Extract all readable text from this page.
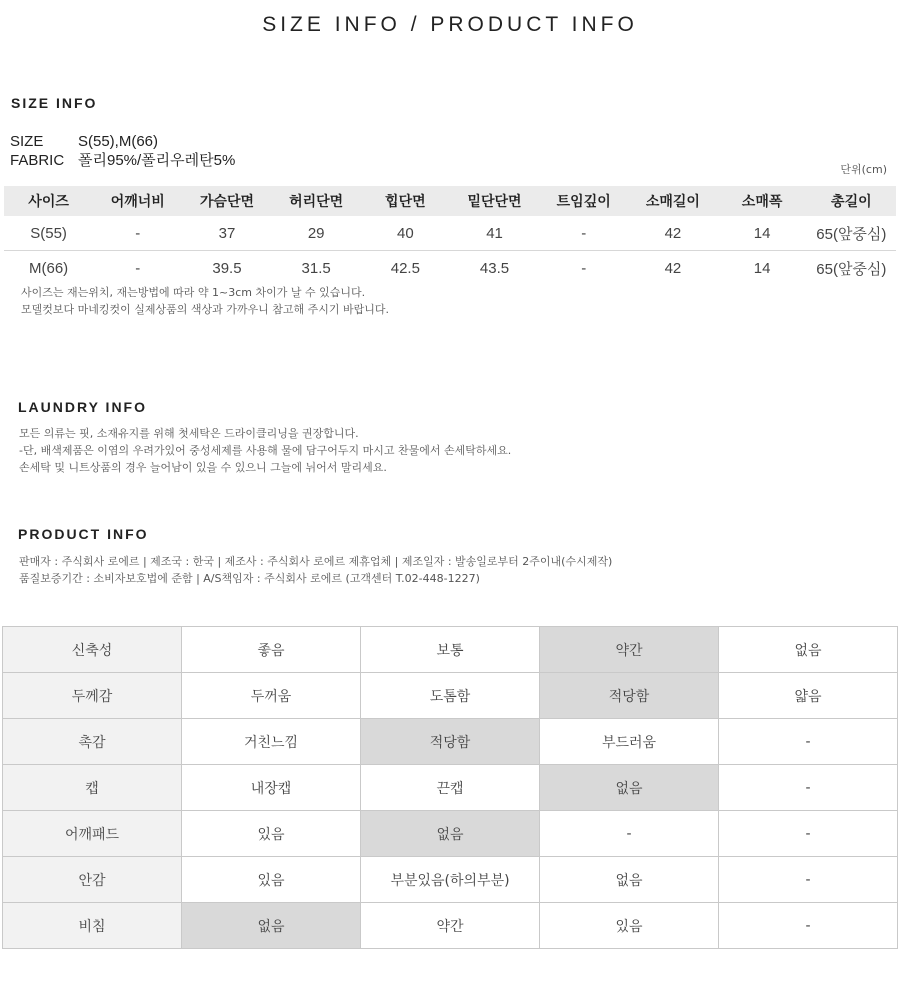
SIZE INFO / PRODUCT INFO
SIZE INFO
SIZE S(55),M(66)
FABRIC 폴리95%/폴리우레탄5%
단위(cm)
사이즈	어깨너비	가슴단면	허리단면	힙단면	밑단단면	트임깊이	소매길이	소매폭	총길이
S(55)	-	37	29	40	41	-	42	14	65(앞중심)
M(66)	-	39.5	31.5	42.5	43.5	-	42	14	65(앞중심)
사이즈는 재는위치, 재는방법에 따라 약 1~3cm 차이가 날 수 있습니다.
모델컷보다 마네킹컷이 실제상품의 색상과 가까우니 참고해 주시기 바랍니다.
LAUNDRY INFO
모든 의류는 핏, 소재유지를 위해 첫세탁은 드라이클리닝을 권장합니다.
-단, 배색제품은 이염의 우려가있어 중성세제를 사용해 물에 담구어두지 마시고 찬물에서 손세탁하세요.
손세탁 및 니트상품의 경우 늘어남이 있을 수 있으니 그늘에 뉘어서 말리세요.
PRODUCT INFO
판매자 : 주식회사 로에르 | 제조국 : 한국 | 제조사 : 주식회사 로에르 제휴업체 | 제조일자 : 발송일로부터 2주이내(수시제작)
품질보증기간 : 소비자보호법에 준함 | A/S책임자 : 주식회사 로에르 (고객센터 T.02-448-1227)
신축성	좋음	보통	약간	없음
두께감	두꺼움	도톰함	적당함	얇음
촉감	거친느낌	적당함	부드러움	-
캡	내장캡	끈캡	없음	-
어깨패드	있음	없음	-	-
안감	있음	부분있음(하의부분)	없음	-
비침	없음	약간	있음	-
